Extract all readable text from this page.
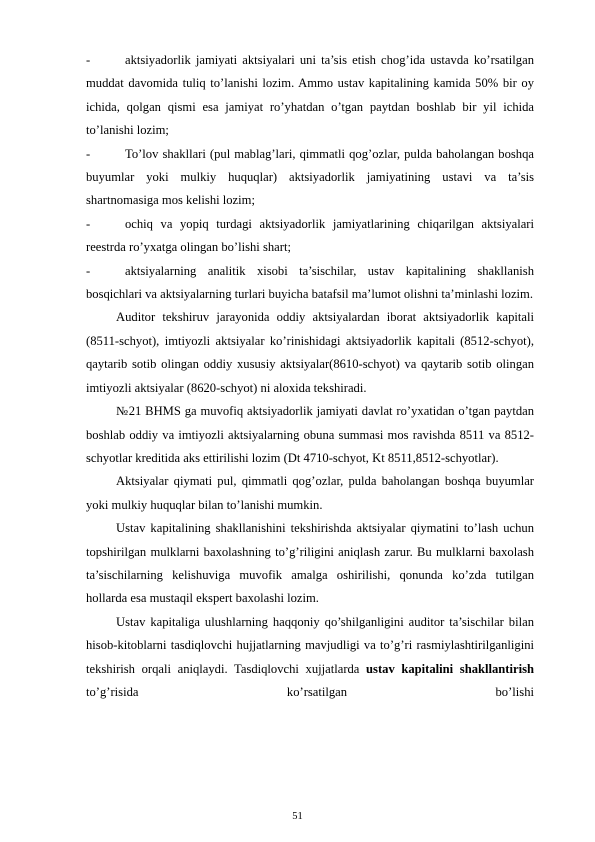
-	aktsiyadorlik jamiyati aktsiyalari uni ta’sis etish chog’ida ustavda ko’rsatilgan muddat davomida tuliq to’lanishi lozim. Ammo ustav kapitalining kamida 50% bir oy ichida, qolgan qismi esa jamiyat ro’yhatdan o’tgan paytdan boshlab bir yil ichida to’lanishi lozim;
-	To’lov shakllari (pul mablag’lari, qimmatli qog’ozlar, pulda baholangan boshqa buyumlar yoki mulkiy huquqlar) aktsiyadorlik jamiyatining ustavi va ta’sis shartnomasiga mos kelishi lozim;
-	ochiq va yopiq turdagi aktsiyadorlik jamiyatlarining chiqarilgan aktsiyalari reestrda ro’yxatga olingan bo’lishi shart;
-	aktsiyalarning analitik xisobi ta’sischilar, ustav kapitalining shakllanish bosqichlari va aktsiyalarning turlari buyicha batafsil ma’lumot olishni ta’minlashi lozim.

Auditor tekshiruv jarayonida oddiy aktsiyalardan iborat aktsiyadorlik kapitali (8511-schyot), imtiyozli aktsiyalar ko’rinishidagi aktsiyadorlik kapitali (8512-schyot), qaytarib sotib olingan oddiy xususiy aktsiyalar(8610-schyot) va qaytarib sotib olingan imtiyozli aktsiyalar (8620-schyot) ni aloxida tekshiradi.

№21 BHMS ga muvofiq aktsiyadorlik jamiyati davlat ro’yxatidan o’tgan paytdan boshlab oddiy va imtiyozli aktsiyalarning obuna summasi mos ravishda 8511 va 8512- schyotlar kreditida aks ettirilishi lozim (Dt 4710-schyot, Kt 8511,8512-schyotlar).

Aktsiyalar qiymati pul, qimmatli qog’ozlar, pulda baholangan boshqa buyumlar yoki mulkiy huquqlar bilan to’lanishi mumkin.

Ustav kapitalining shakllanishini tekshirishda aktsiyalar qiymatini to’lash uchun topshirilgan mulklarni baxolashning to’g’riligini aniqlash zarur. Bu mulklarni baxolash ta’sischilarning kelishuviga muvofik amalga oshirilishi, qonunda ko’zda tutilgan hollarda esa mustaqil ekspert baxolashi lozim.

Ustav kapitaliga ulushlarning haqqoniy qo’shilganligini auditor ta’sischilar bilan hisob-kitoblarni tasdiqlovchi hujjatlarning mavjudligi va to’g’ri rasmiylashtirilganligini tekshirish orqali aniqlaydi. Tasdiqlovchi xujjatlarda ustav kapitalini shakllantirish to’g’risida ko’rsatilgan bo’lishi

51
